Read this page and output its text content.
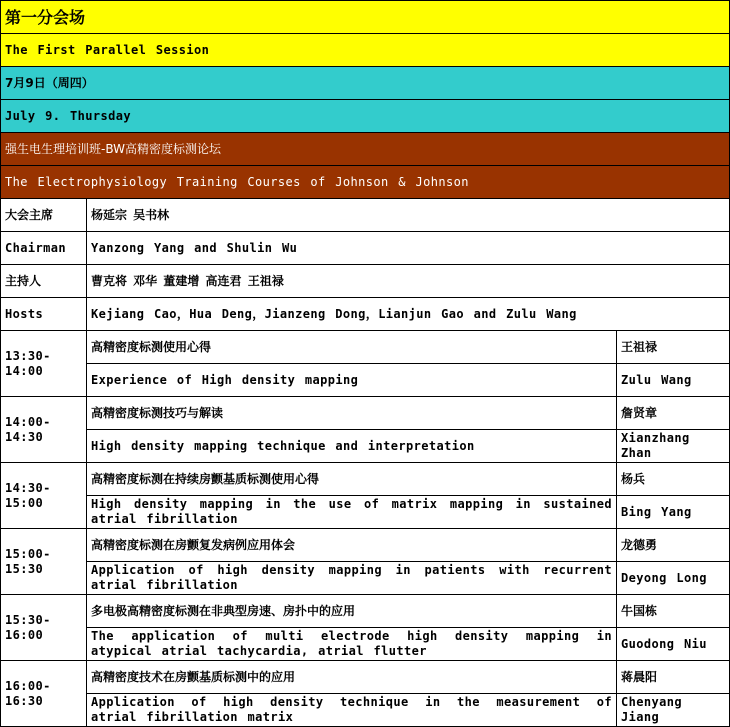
第一分会场		
The First Parallel Session		
7月9日（周四）		
July 9. Thursday		
强生电生理培训班-BW高精密度标测论坛		
The Electrophysiology Training Courses of Johnson & Johnson		
大会主席	杨延宗 吴书林	
Chairman	Yanzong Yang and Shulin Wu	
主持人	曹克将 邓华 董建增 高连君 王祖禄	
Hosts	Kejiang Cao，Hua Deng，Jianzeng Dong，Lianjun Gao and Zulu Wang	
13:30-
14:00	高精密度标测使用心得	王祖禄
	Experience of High density mapping	Zulu Wang
14:00-
14:30	高精密度标测技巧与解读	詹贤章
	High density mapping technique and interpretation	Xianzhang
Zhan
14:30-
15:00	高精密度标测在持续房颤基质标测使用心得	杨兵
	High density mapping in the use of matrix mapping in sustained atrial fibrillation	Bing Yang
15:00-
15:30	高精密度标测在房颤复发病例应用体会	龙德勇
	Application of high density mapping in patients with recurrent atrial fibrillation	Deyong Long
15:30-
16:00	多电极高精密度标测在非典型房速、房扑中的应用	牛国栋
	The application of multi electrode high density mapping in atypical atrial tachycardia, atrial flutter	Guodong Niu
16:00-
16:30	高精密度技术在房颤基质标测中的应用	蒋晨阳
	Application of high density technique in the measurement of atrial fibrillation matrix	Chenyang
Jiang
